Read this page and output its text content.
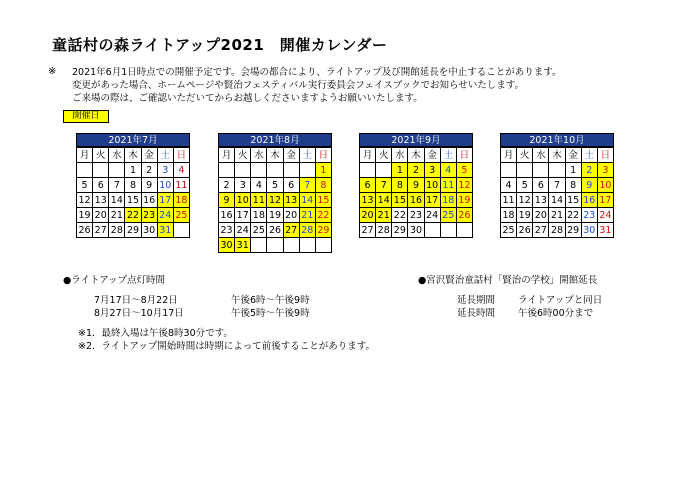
童話村の森ライトアップ2021　開催カレンダー
※ 2021年6月1日時点での開催予定です。会場の都合により、ライトアップ及び開館延長を中止することがあります。
変更があった場合、ホームページや賢治フェスティバル実行委員会フェイスブックでお知らせいたします。
ご来場の際は、ご確認いただいてからお越しくださいますようお願いいたします。
開催日
2021年7月
月	火	水	木	金	土	日
			1	2	3	4
5	6	7	8	9	10	11
12	13	14	15	16	17	18
19	20	21	22	23	24	25
26	27	28	29	30	31	
2021年8月
月	火	水	木	金	土	日
						1
2	3	4	5	6	7	8
9	10	11	12	13	14	15
16	17	18	19	20	21	22
23	24	25	26	27	28	29
30	31					
2021年9月
月	火	水	木	金	土	日
		1	2	3	4	5
6	7	8	9	10	11	12
13	14	15	16	17	18	19
20	21	22	23	24	25	26
27	28	29	30			
2021年10月
月	火	水	木	金	土	日
				1	2	3
4	5	6	7	8	9	10
11	12	13	14	15	16	17
18	19	20	21	22	23	24
25	26	27	28	29	30	31
●ライトアップ点灯時間
7月17日～8月22日	午後6時～午後9時
8月27日～10月17日	午後5時～午後9時
※1．最終入場は午後8時30分です。
※2．ライトアップ開始時間は時期によって前後することがあります。
●宮沢賢治童話村「賢治の学校」開館延長
延長期間 ライトアップと同日
延長時間 午後6時00分まで
